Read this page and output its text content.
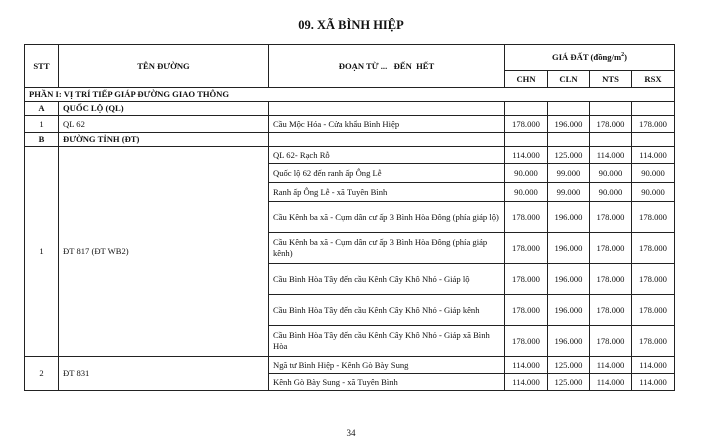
09. XÃ BÌNH HIỆP
STT	TÊN ĐƯỜNG	ĐOẠN TỪ ...   ĐẾN  HẾT	GIÁ ĐẤT $(đồng/m^2)$			
			CHN	CLN	NTS	RSX
PHẦN I: VỊ TRÍ TIẾP GIÁP ĐƯỜNG GIAO THÔNG						
A	QUỐC LỘ (QL)					
1	QL 62	Cầu Mộc Hóa - Cửa khẩu Bình Hiệp	178.000	196.000	178.000	178.000
B	ĐƯỜNG TỈNH (ĐT)					
1	ĐT 817 (ĐT WB2)	QL 62- Rạch Rỗ	114.000	125.000	114.000	114.000
		Quốc lộ 62 đến ranh ấp Ông Lễ	90.000	99.000	90.000	90.000
		Ranh ấp Ông Lễ - xã Tuyên Bình	90.000	99.000	90.000	90.000
		Cầu Kênh ba xã - Cụm dân cư ấp 3 Bình Hòa Đông (phía giáp lộ)	178.000	196.000	178.000	178.000
		Cầu Kênh ba xã - Cụm dân cư ấp 3 Bình Hòa Đông (phía giáp kênh)	178.000	196.000	178.000	178.000
		Cầu Bình Hòa Tây đến cầu Kênh Cây Khô Nhỏ - Giáp lộ	178.000	196.000	178.000	178.000
		Cầu Bình Hòa Tây đến cầu Kênh Cây Khô Nhỏ - Giáp kênh	178.000	196.000	178.000	178.000
		Cầu Bình Hòa Tây đến cầu Kênh Cây Khô Nhỏ - Giáp xã Bình Hòa	178.000	196.000	178.000	178.000
2	ĐT 831	Ngã tư Bình Hiệp - Kênh Gò Bày Sung	114.000	125.000	114.000	114.000
		Kênh Gò Bày Sung - xã Tuyên Bình	114.000	125.000	114.000	114.000
34
